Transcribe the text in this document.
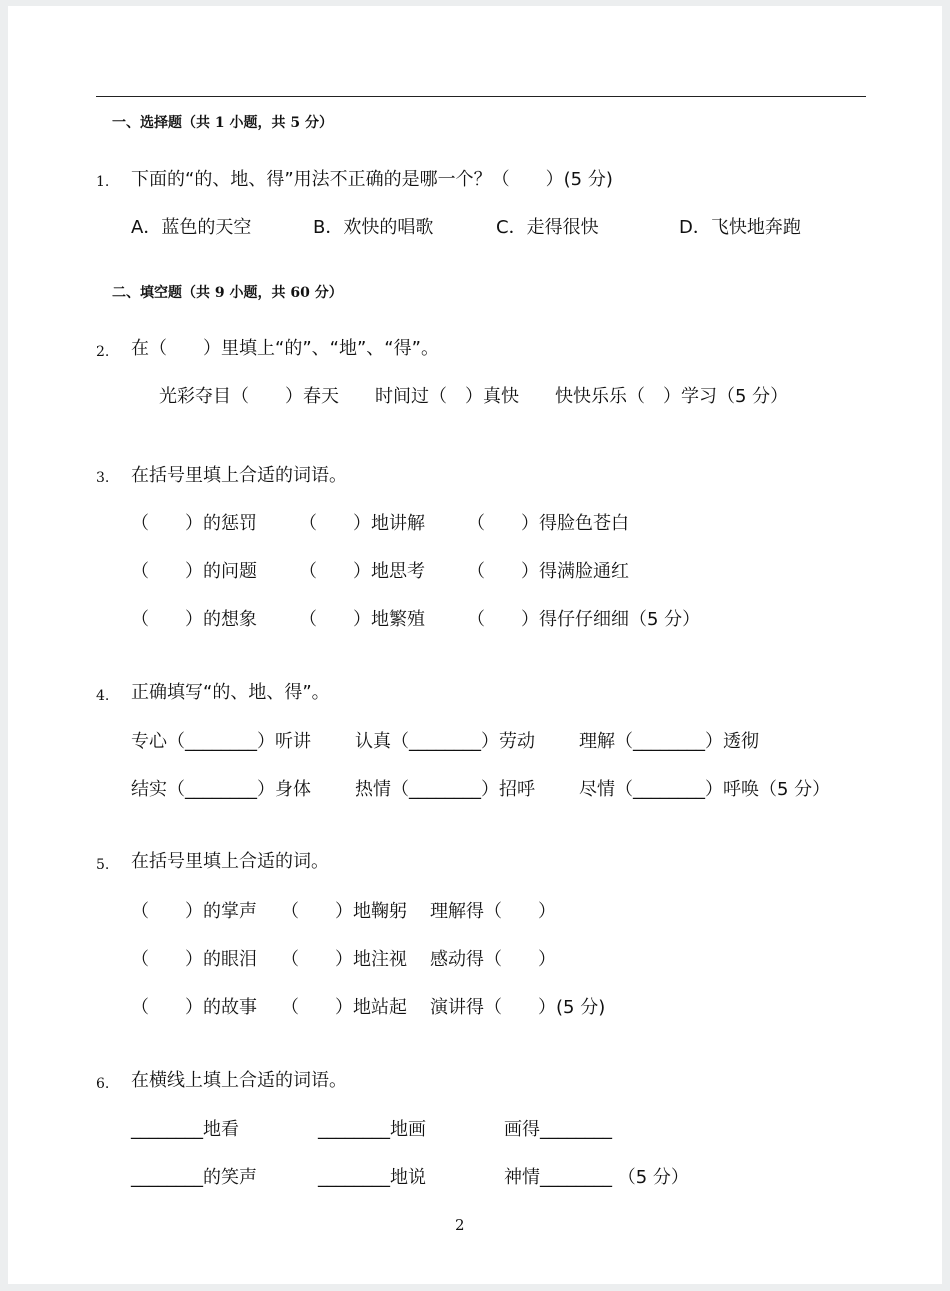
一、选择题（共 1 小题，共 5 分）
1. 下面的“的、地、得”用法不正确的是哪一个？（　　）(5 分)
A．蓝色的天空	B．欢快的唱歌	C．走得很快	D．飞快地奔跑
二、填空题（共 9 小题，共 60 分）
2. 在（　　）里填上“的”、“地”、“得”。
光彩夺目（　　）春天　　时间过（　）真快　　快快乐乐（　）学习（5 分）
3. 在括号里填上合适的词语。
（　　）的惩罚 （　　）地讲解 （　　）得脸色苍白
（　　）的问题 （　　）地思考 （　　）得满脸通红
（　　）的想象 （　　）地繁殖 （　　）得仔仔细细（5 分）
4. 正确填写“的、地、得”。
专心（________）听讲 认真（________）劳动 理解（________）透彻
结实（________）身体 热情（________）招呼 尽情（________）呼唤（5 分）
5. 在括号里填上合适的词。
（　　）的掌声 （　　）地鞠躬 理解得（　　）
（　　）的眼泪 （　　）地注视 感动得（　　）
（　　）的故事 （　　）地站起 演讲得（　　）(5 分)
6. 在横线上填上合适的词语。
________地看	________地画	画得________
________的笑声	________地说	神情________ （5 分）
2
